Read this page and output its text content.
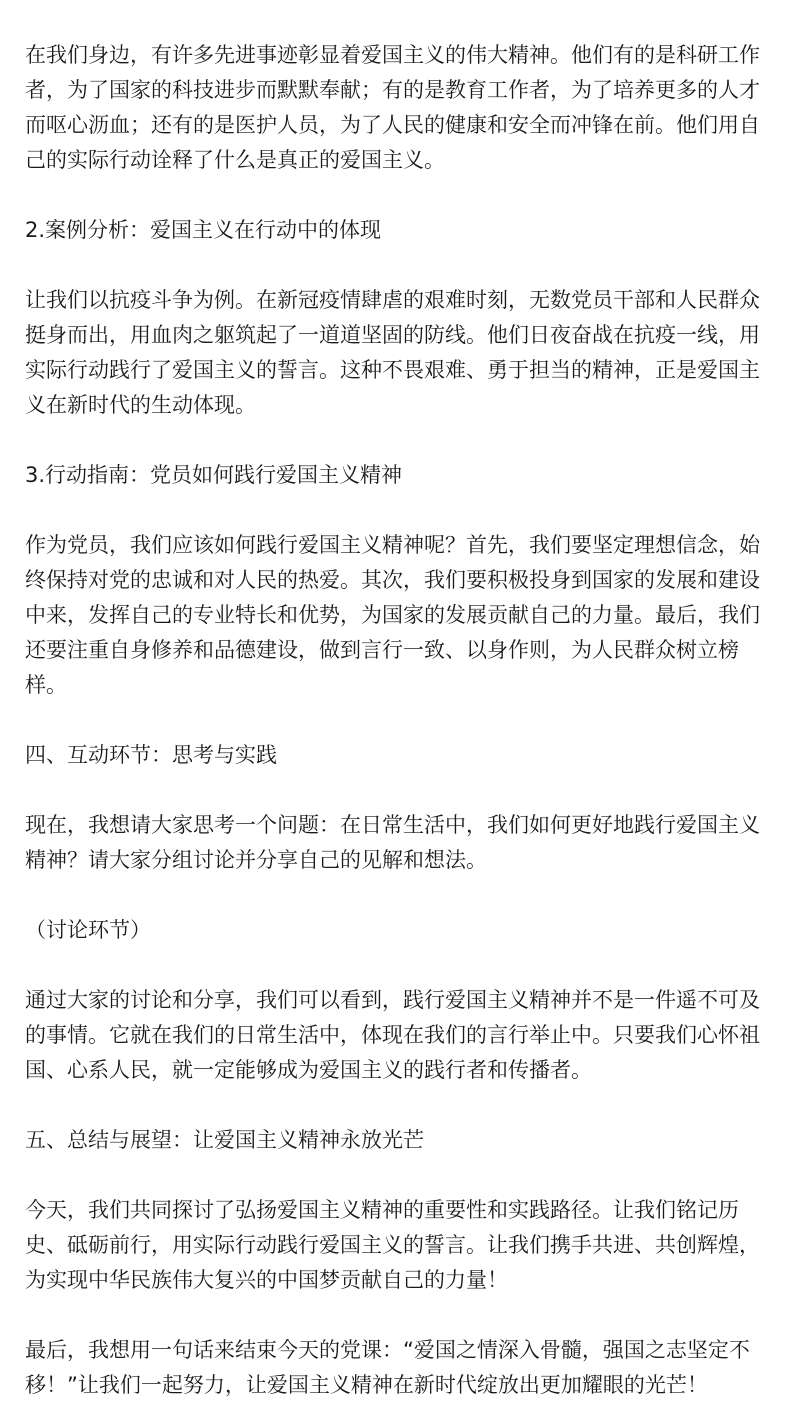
在我们身边，有许多先进事迹彰显着爱国主义的伟大精神。他们有的是科研工作者，为了国家的科技进步而默默奉献；有的是教育工作者，为了培养更多的人才而呕心沥血；还有的是医护人员，为了人民的健康和安全而冲锋在前。他们用自己的实际行动诠释了什么是真正的爱国主义。

2.案例分析：爱国主义在行动中的体现

让我们以抗疫斗争为例。在新冠疫情肆虐的艰难时刻，无数党员干部和人民群众挺身而出，用血肉之躯筑起了一道道坚固的防线。他们日夜奋战在抗疫一线，用实际行动践行了爱国主义的誓言。这种不畏艰难、勇于担当的精神，正是爱国主义在新时代的生动体现。

3.行动指南：党员如何践行爱国主义精神

作为党员，我们应该如何践行爱国主义精神呢？首先，我们要坚定理想信念，始终保持对党的忠诚和对人民的热爱。其次，我们要积极投身到国家的发展和建设中来，发挥自己的专业特长和优势，为国家的发展贡献自己的力量。最后，我们还要注重自身修养和品德建设，做到言行一致、以身作则，为人民群众树立榜样。

四、互动环节：思考与实践

现在，我想请大家思考一个问题：在日常生活中，我们如何更好地践行爱国主义精神？请大家分组讨论并分享自己的见解和想法。

（讨论环节）

通过大家的讨论和分享，我们可以看到，践行爱国主义精神并不是一件遥不可及的事情。它就在我们的日常生活中，体现在我们的言行举止中。只要我们心怀祖国、心系人民，就一定能够成为爱国主义的践行者和传播者。

五、总结与展望：让爱国主义精神永放光芒

今天，我们共同探讨了弘扬爱国主义精神的重要性和实践路径。让我们铭记历史、砥砺前行，用实际行动践行爱国主义的誓言。让我们携手共进、共创辉煌，为实现中华民族伟大复兴的中国梦贡献自己的力量！

最后，我想用一句话来结束今天的党课：“爱国之情深入骨髓，强国之志坚定不移！”让我们一起努力，让爱国主义精神在新时代绽放出更加耀眼的光芒！
